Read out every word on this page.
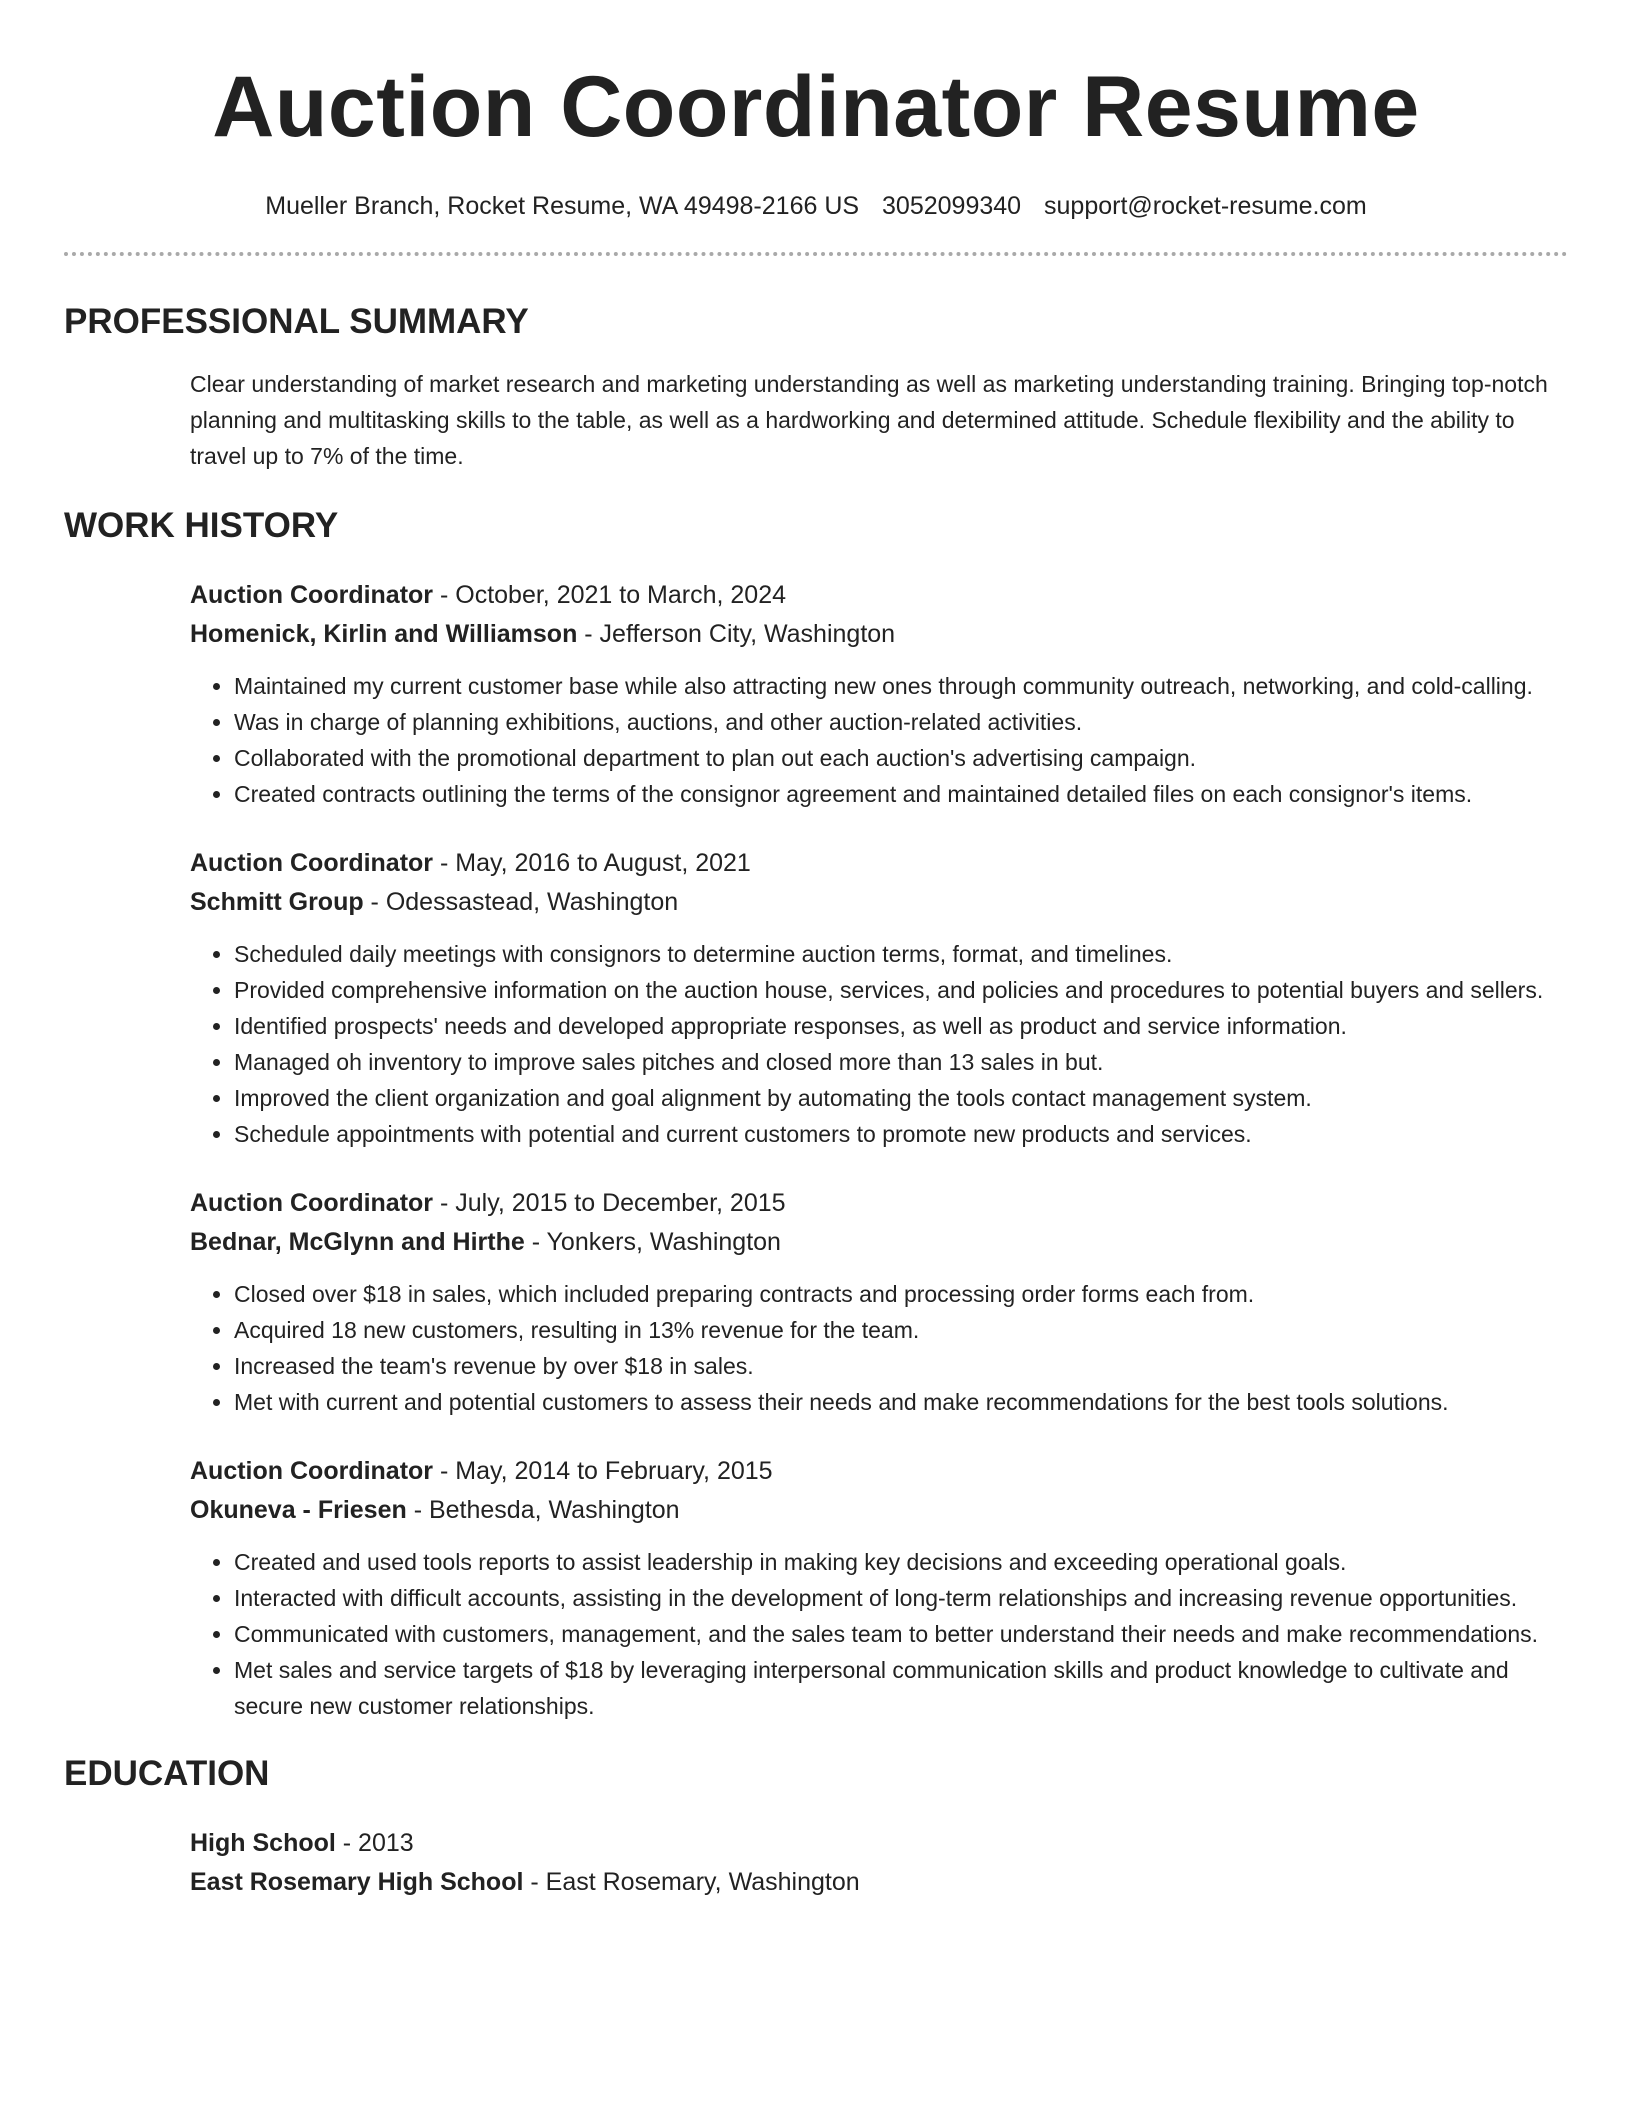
Auction Coordinator Resume
Mueller Branch, Rocket Resume, WA 49498-2166 US 3052099340 support@rocket-resume.com
PROFESSIONAL SUMMARY

Clear understanding of market research and marketing understanding as well as marketing understanding training. Bringing top-notch planning and multitasking skills to the table, as well as a hardworking and determined attitude. Schedule flexibility and the ability to travel up to 7% of the time.

WORK HISTORY
Auction Coordinator - October, 2021 to March, 2024
Homenick, Kirlin and Williamson - Jefferson City, Washington
• Maintained my current customer base while also attracting new ones through community outreach, networking, and cold-calling.
• Was in charge of planning exhibitions, auctions, and other auction-related activities.
• Collaborated with the promotional department to plan out each auction's advertising campaign.
• Created contracts outlining the terms of the consignor agreement and maintained detailed files on each consignor's items.
Auction Coordinator - May, 2016 to August, 2021
Schmitt Group - Odessastead, Washington
• Scheduled daily meetings with consignors to determine auction terms, format, and timelines.
• Provided comprehensive information on the auction house, services, and policies and procedures to potential buyers and sellers.
• Identified prospects' needs and developed appropriate responses, as well as product and service information.
• Managed oh inventory to improve sales pitches and closed more than 13 sales in but.
• Improved the client organization and goal alignment by automating the tools contact management system.
• Schedule appointments with potential and current customers to promote new products and services.
Auction Coordinator - July, 2015 to December, 2015
Bednar, McGlynn and Hirthe - Yonkers, Washington
• Closed over $18 in sales, which included preparing contracts and processing order forms each from.
• Acquired 18 new customers, resulting in 13% revenue for the team.
• Increased the team's revenue by over $18 in sales.
• Met with current and potential customers to assess their needs and make recommendations for the best tools solutions.
Auction Coordinator - May, 2014 to February, 2015
Okuneva - Friesen - Bethesda, Washington
• Created and used tools reports to assist leadership in making key decisions and exceeding operational goals.
• Interacted with difficult accounts, assisting in the development of long-term relationships and increasing revenue opportunities.
• Communicated with customers, management, and the sales team to better understand their needs and make recommendations.
• Met sales and service targets of $18 by leveraging interpersonal communication skills and product knowledge to cultivate and secure new customer relationships.
EDUCATION
High School - 2013
East Rosemary High School - East Rosemary, Washington
